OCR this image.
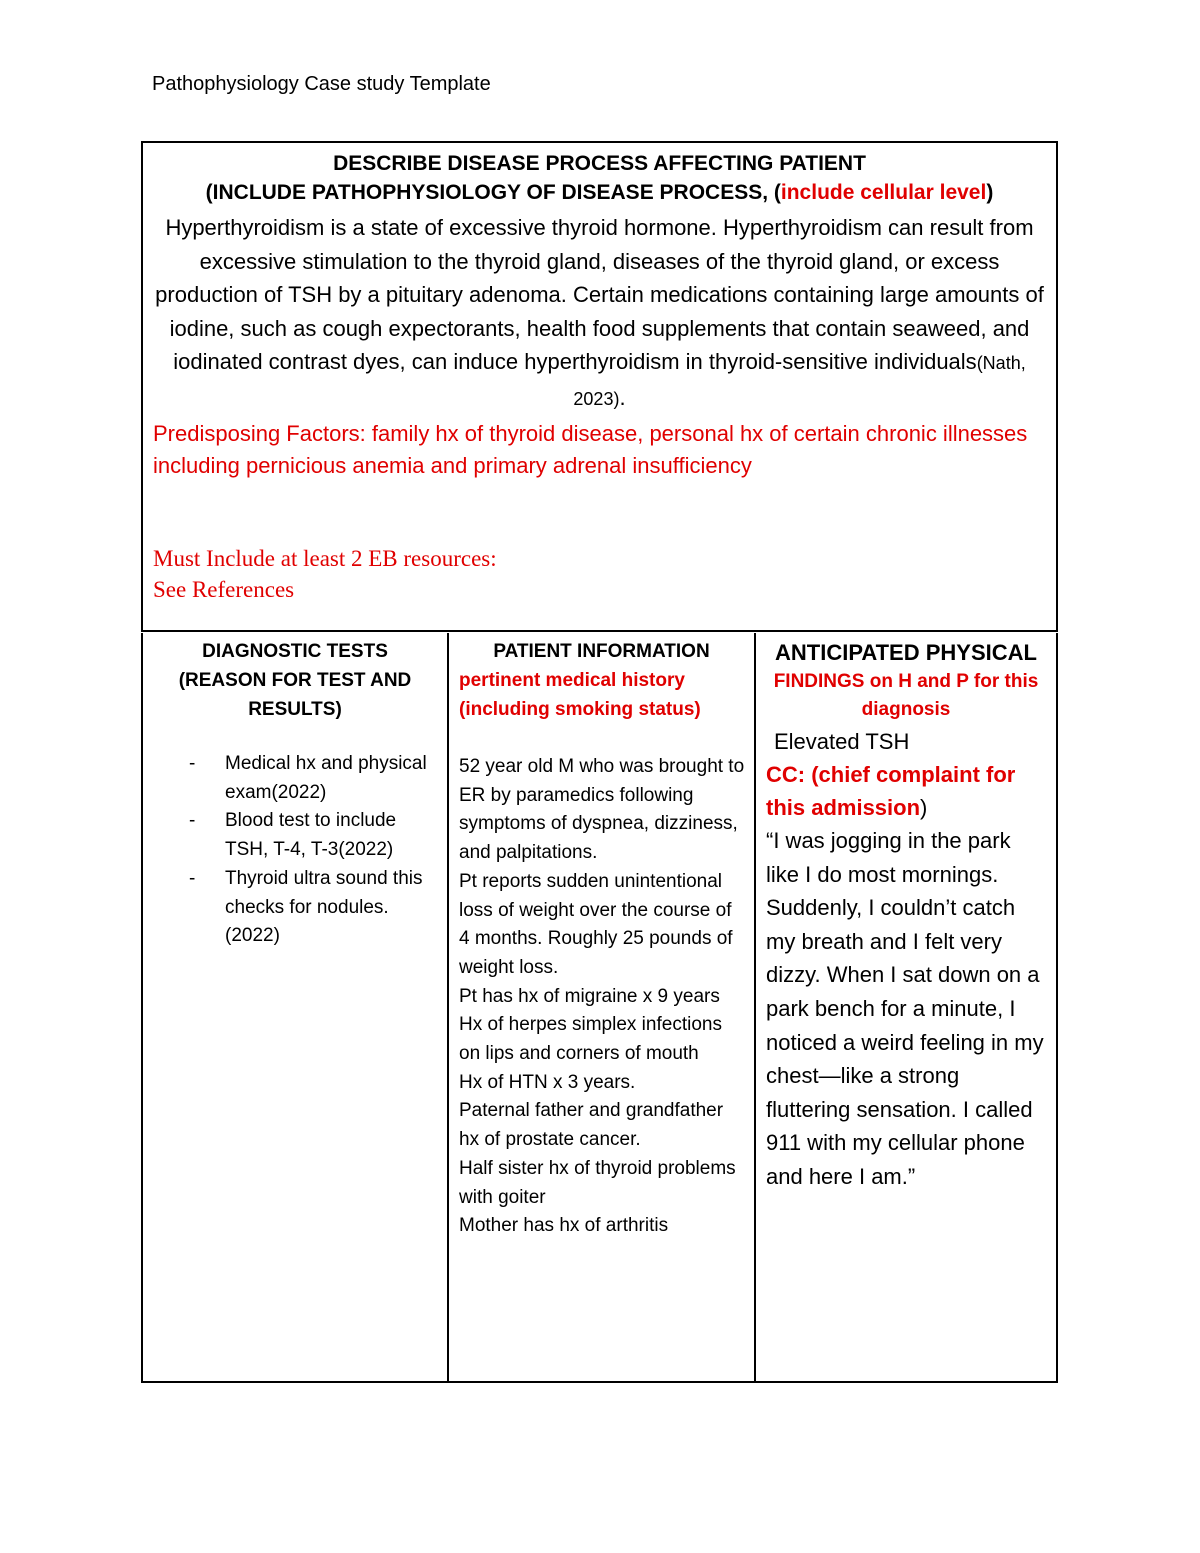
Pathophysiology Case study Template
DESCRIBE DISEASE PROCESS AFFECTING PATIENT
(INCLUDE PATHOPHYSIOLOGY OF DISEASE PROCESS, (include cellular level)
Hyperthyroidism is a state of excessive thyroid hormone. Hyperthyroidism can result from excessive stimulation to the thyroid gland, diseases of the thyroid gland, or excess production of TSH by a pituitary adenoma. Certain medications containing large amounts of iodine, such as cough expectorants, health food supplements that contain seaweed, and iodinated contrast dyes, can induce hyperthyroidism in thyroid-sensitive individuals(Nath, 2023).
Predisposing Factors: family hx of thyroid disease, personal hx of certain chronic illnesses including pernicious anemia and primary adrenal insufficiency
Must Include at least 2 EB resources:
See References
DIAGNOSTIC TESTS
(REASON FOR TEST AND
RESULTS)
- Medical hx and physical exam(2022)
- Blood test to include TSH, T-4, T-3(2022)
- Thyroid ultra sound this checks for nodules. (2022)
PATIENT INFORMATION
pertinent medical history
(including smoking status)
52 year old M who was brought to ER by paramedics following symptoms of dyspnea, dizziness, and palpitations.
Pt reports sudden unintentional loss of weight over the course of 4 months. Roughly 25 pounds of weight loss.
Pt has hx of migraine x 9 years
Hx of herpes simplex infections on lips and corners of mouth
Hx of HTN x 3 years.
Paternal father and grandfather hx of prostate cancer.
Half sister hx of thyroid problems with goiter
Mother has hx of arthritis
ANTICIPATED PHYSICAL
FINDINGS on H and P for this diagnosis
Elevated TSH
CC: (chief complaint for this admission)
“I was jogging in the park like I do most mornings. Suddenly, I couldn’t catch my breath and I felt very dizzy. When I sat down on a park bench for a minute, I noticed a weird feeling in my chest—like a strong fluttering sensation. I called 911 with my cellular phone and here I am.”
